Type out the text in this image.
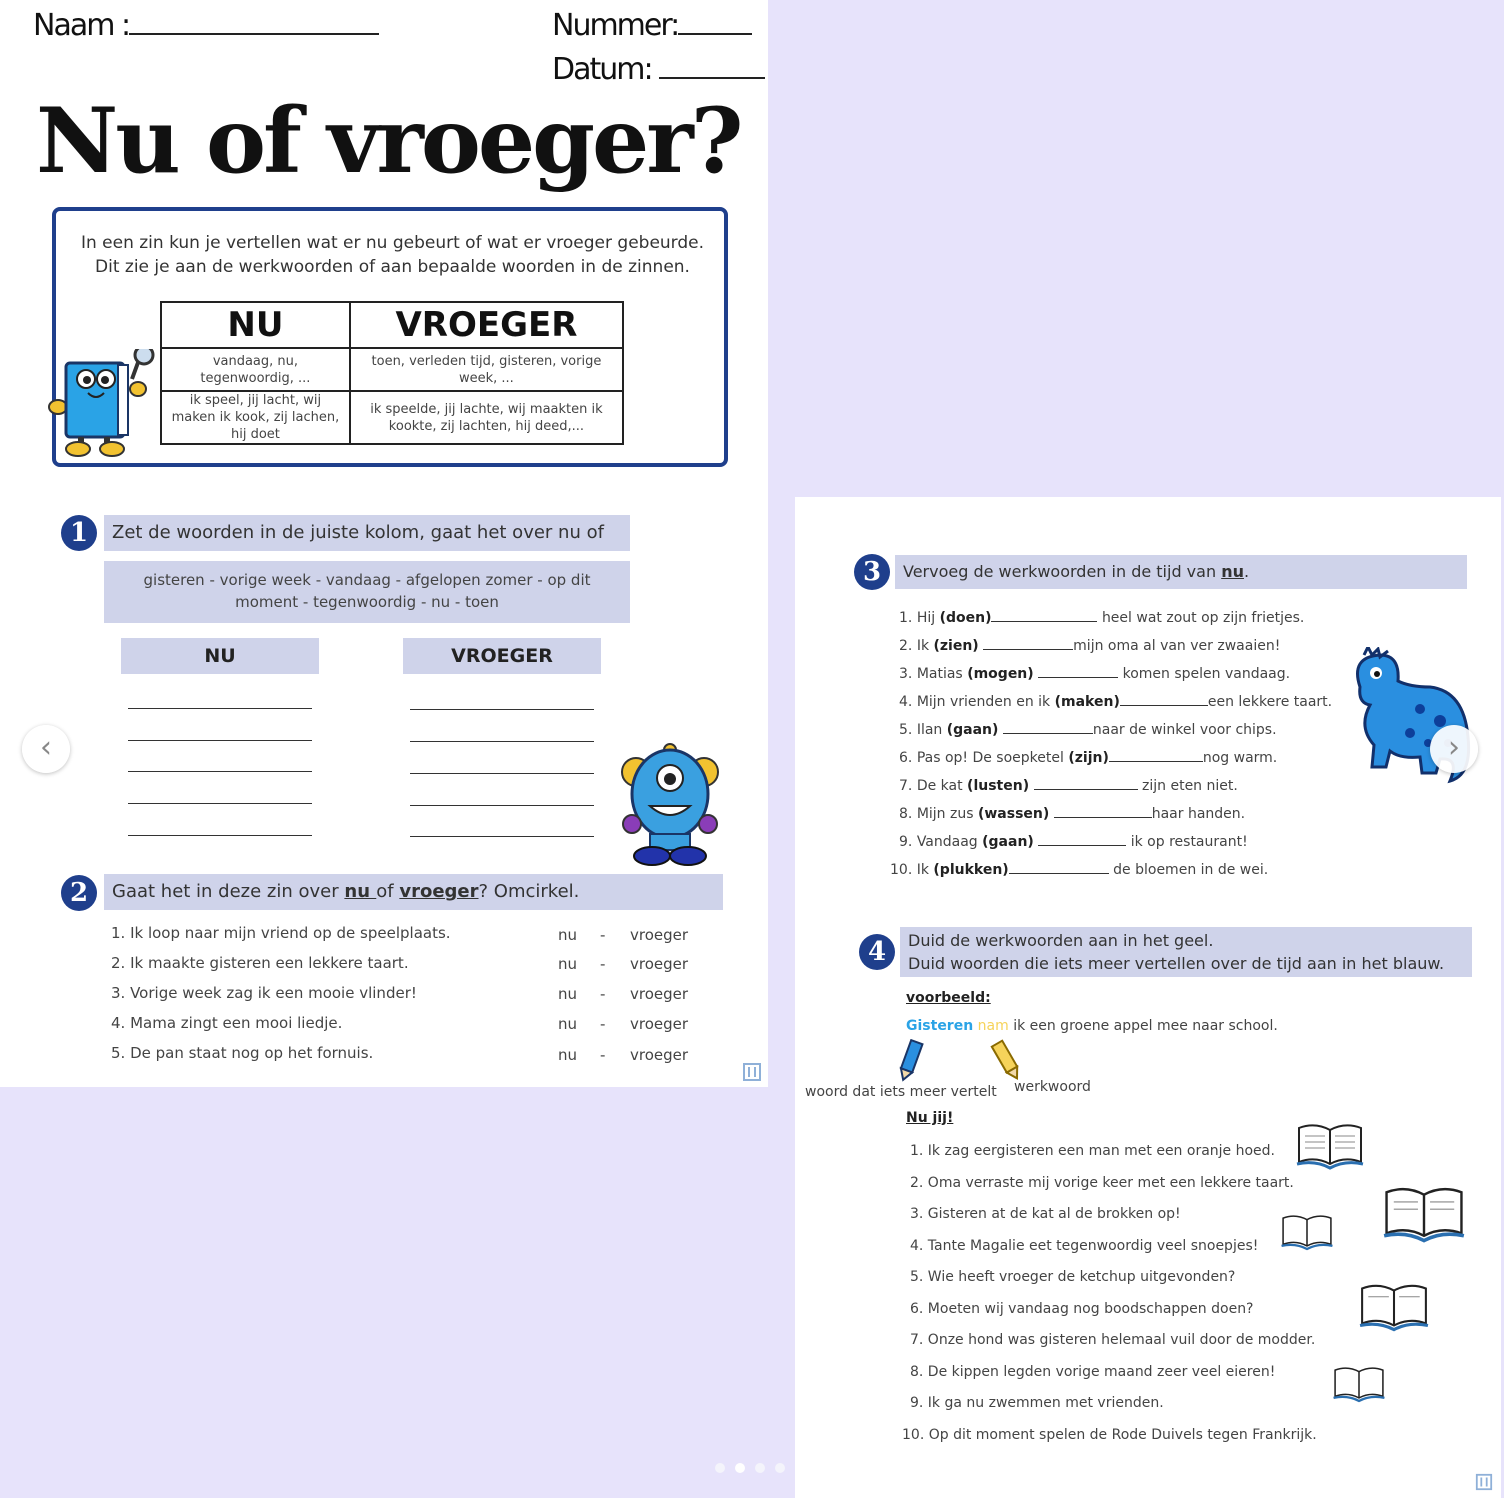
Naam :	Nummer:
Datum:
Nu of vroeger?
In een zin kun je vertellen wat er nu gebeurt of wat er vroeger gebeurde. Dit zie je aan de werkwoorden of aan bepaalde woorden in de zinnen.
NU	VROEGER
vandaag, nu, tegenwoordig, ...	toen, verleden tijd, gisteren, vorige week, ...
ik speel, jij lacht, wij maken ik kook, zij lachen, hij doet	ik speelde, jij lachte, wij maakten ik kookte, zij lachten, hij deed,...
1	Zet de woorden in de juiste kolom, gaat het over nu of
gisteren - vorige week - vandaag - afgelopen zomer - op dit moment - tegenwoordig - nu - toen
NU	VROEGER
2	Gaat het in deze zin over nu of vroeger? Omcirkel.
1. Ik loop naar mijn vriend op de speelplaats.
2. Ik maakte gisteren een lekkere taart.
3. Vorige week zag ik een mooie vlinder!
4. Mama zingt een mooi liedje.
5. De pan staat nog op het fornuis.
nu - vroeger
nu - vroeger
nu - vroeger
nu - vroeger
nu - vroeger
3	Vervoeg de werkwoorden in de tijd van nu.
1. Hij (doen)	heel wat zout op zijn frietjes.
2. Ik (zien)	mijn oma al van ver zwaaien!
3. Matias (mogen)	komen spelen vandaag.
4. Mijn vrienden en ik (maken)	een lekkere taart.
5. Ilan (gaan)	naar de winkel voor chips.
6. Pas op! De soepketel (zijn)	nog warm.
7. De kat (lusten)	zijn eten niet.
8. Mijn zus (wassen)	haar handen.
9. Vandaag (gaan)	ik op restaurant!
10. Ik (plukken)	de bloemen in de wei.
4	Duid de werkwoorden aan in het geel.
Duid woorden die iets meer vertellen over de tijd aan in het blauw.
voorbeeld:
Gisteren nam ik een groene appel mee naar school.
woord dat iets meer vertelt werkwoord
Nu jij!
1. Ik zag eergisteren een man met een oranje hoed.
2. Oma verraste mij vorige keer met een lekkere taart.
3. Gisteren at de kat al de brokken op!
4. Tante Magalie eet tegenwoordig veel snoepjes!
5. Wie heeft vroeger de ketchup uitgevonden?
6. Moeten wij vandaag nog boodschappen doen?
7. Onze hond was gisteren helemaal vuil door de modder.
8. De kippen legden vorige maand zeer veel eieren!
9. Ik ga nu zwemmen met vrienden.
10. Op dit moment spelen de Rode Duivels tegen Frankrijk.
‹	›
